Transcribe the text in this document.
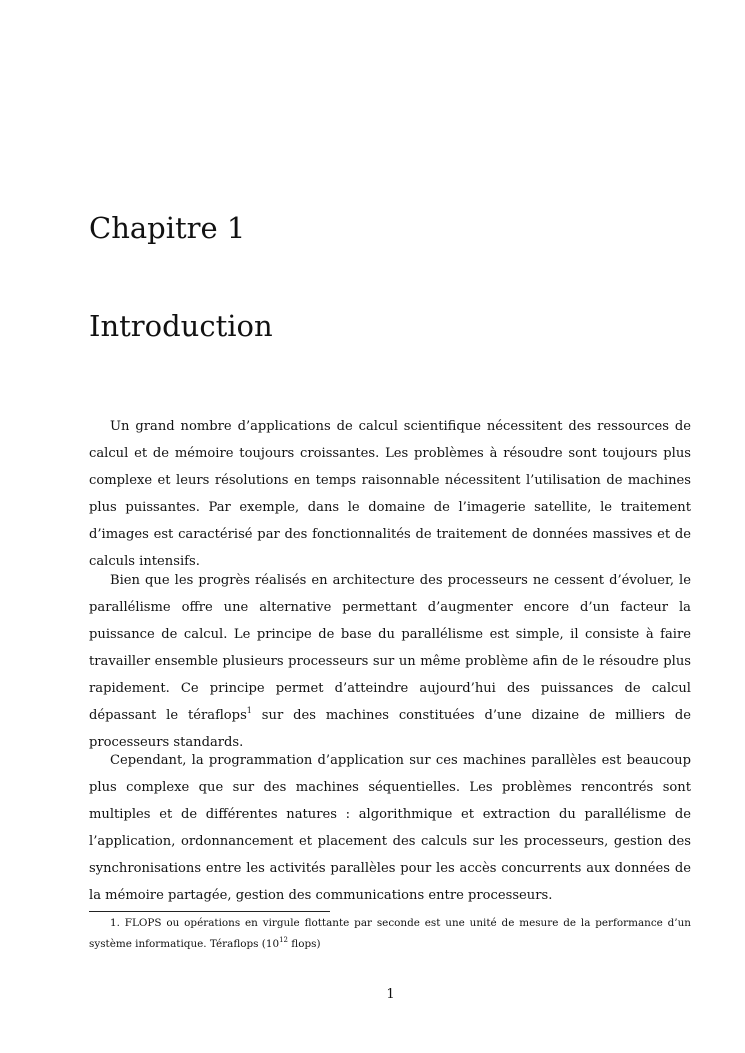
Chapitre 1
Introduction

Un grand nombre d’applications de calcul scientifique nécessitent des ressources de calcul et de mémoire toujours croissantes. Les problèmes à résoudre sont toujours plus complexe et leurs résolutions en temps raisonnable nécessitent l’utilisation de machines plus puissantes. Par exemple, dans le domaine de l’imagerie satellite, le traitement d’images est caractérisé par des fonctionnalités de traitement de données massives et de calculs intensifs.

Bien que les progrès réalisés en architecture des processeurs ne cessent d’évoluer, le parallélisme offre une alternative permettant d’augmenter encore d’un facteur la puissance de calcul. Le principe de base du parallélisme est simple, il consiste à faire travailler ensemble plusieurs processeurs sur un même problème afin de le résoudre plus rapidement. Ce principe permet d’atteindre aujourd’hui des puissances de calcul dépassant le téraflops$^1$ sur des machines constituées d’une dizaine de milliers de processeurs standards.

Cependant, la programmation d’application sur ces machines parallèles est beaucoup plus complexe que sur des machines séquentielles. Les problèmes rencontrés sont multiples et de différentes natures : algorithmique et extraction du parallélisme de l’application, ordonnancement et placement des calculs sur les processeurs, gestion des synchronisations entre les activités parallèles pour les accès concurrents aux données de la mémoire partagée, gestion des communications entre processeurs.

1. FLOPS ou opérations en virgule flottante par seconde est une unité de mesure de la performance d’un système informatique. Téraflops ($10^{12}$ flops)

1
